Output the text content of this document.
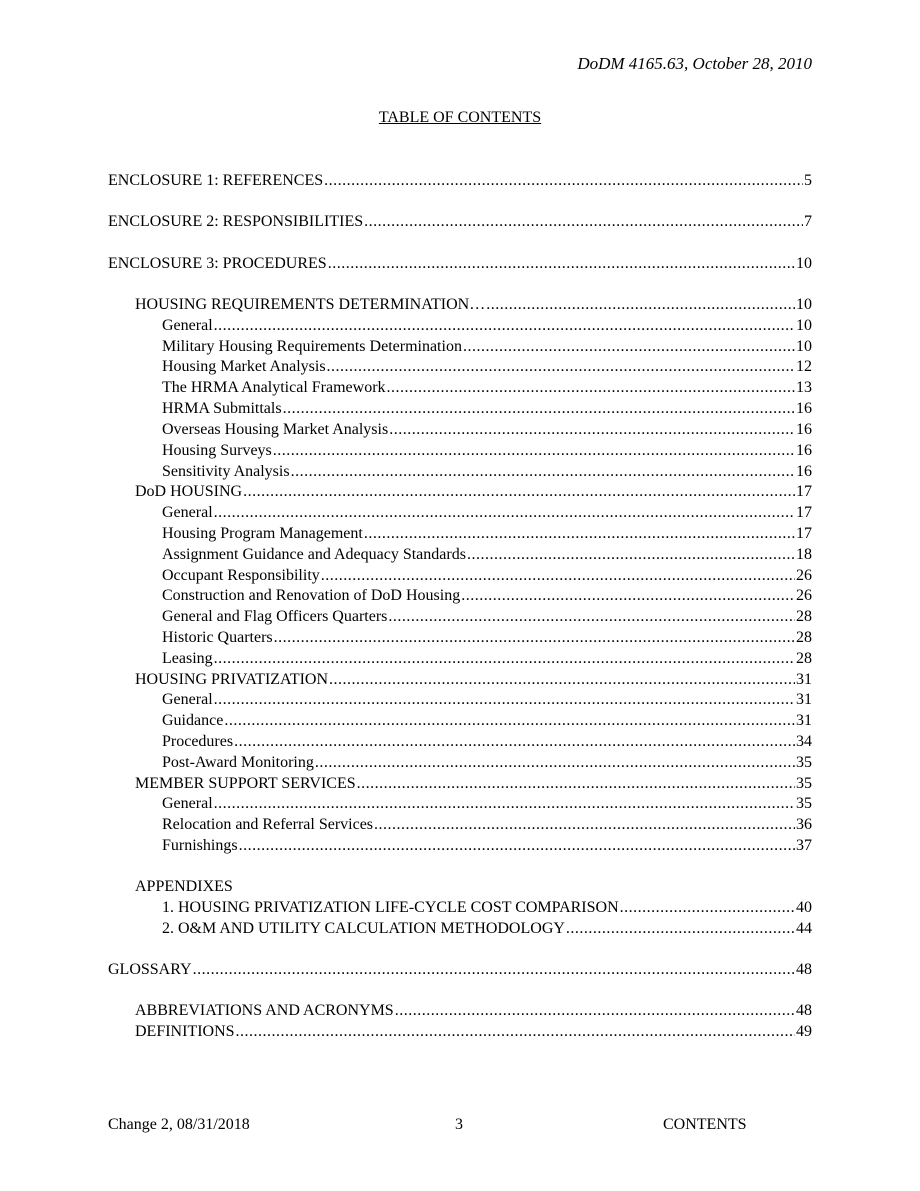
DoDM 4165.63, October 28, 2010
TABLE OF CONTENTS
ENCLOSURE 1: REFERENCES .....	5
ENCLOSURE 2: RESPONSIBILITIES .....	7
ENCLOSURE 3: PROCEDURES .....	10
HOUSING REQUIREMENTS DETERMINATION… .....	10
General .....	10
Military Housing Requirements Determination .....	10
Housing Market Analysis .....	12
The HRMA Analytical Framework .....	13
HRMA Submittals .....	16
Overseas Housing Market Analysis .....	16
Housing Surveys .....	16
Sensitivity Analysis .....	16
DoD HOUSING .....	17
General .....	17
Housing Program Management .....	17
Assignment Guidance and Adequacy Standards .....	18
Occupant Responsibility .....	26
Construction and Renovation of DoD Housing .....	26
General and Flag Officers Quarters .....	28
Historic Quarters .....	28
Leasing .....	28
HOUSING PRIVATIZATION .....	31
General .....	31
Guidance .....	31
Procedures .....	34
Post-Award Monitoring .....	35
MEMBER SUPPORT SERVICES .....	35
General .....	35
Relocation and Referral Services .....	36
Furnishings .....	37
APPENDIXES
1. HOUSING PRIVATIZATION LIFE-CYCLE COST COMPARISON .....	40
2. O&M AND UTILITY CALCULATION METHODOLOGY .....	44
GLOSSARY .....	48
ABBREVIATIONS AND ACRONYMS .....	48
DEFINITIONS .....	49
Change 2, 08/31/2018	3	CONTENTS
